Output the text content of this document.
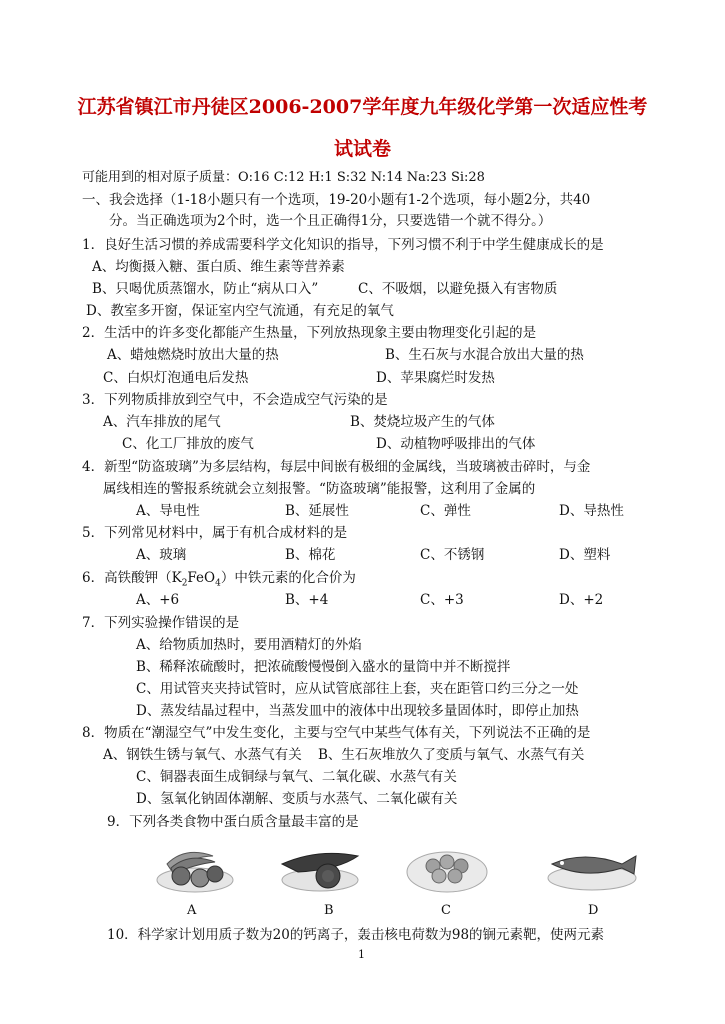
江苏省镇江市丹徒区2006-2007学年度九年级化学第一次适应性考
试试卷
可能用到的相对原子质量：O:16 C:12 H:1 S:32 N:14 Na:23 Si:28
一、我会选择（1-18小题只有一个选项，19-20小题有1-2个选项，每小题2分，共40
分。当正确选项为2个时，选一个且正确得1分，只要选错一个就不得分。）
1．良好生活习惯的养成需要科学文化知识的指导，下列习惯不利于中学生健康成长的是
A、均衡摄入糖、蛋白质、维生素等营养素
B、只喝优质蒸馏水，防止“病从口入”	C、不吸烟，以避免摄入有害物质
D、教室多开窗，保证室内空气流通，有充足的氧气
2．生活中的许多变化都能产生热量，下列放热现象主要由物理变化引起的是
A、蜡烛燃烧时放出大量的热	B、生石灰与水混合放出大量的热
C、白炽灯泡通电后发热	D、苹果腐烂时发热
3．下列物质排放到空气中，不会造成空气污染的是
A、汽车排放的尾气	B、焚烧垃圾产生的气体
C、化工厂排放的废气	D、动植物呼吸排出的气体
4．新型“防盗玻璃”为多层结构，每层中间嵌有极细的金属线，当玻璃被击碎时，与金
属线相连的警报系统就会立刻报警。“防盗玻璃”能报警，这利用了金属的
A、导电性	B、延展性	C、弹性	D、导热性
5．下列常见材料中，属于有机合成材料的是
A、玻璃	B、棉花	C、不锈钢	D、塑料
6．高铁酸钾$(K_2FeO_4)$中铁元素的化合价为
A、+6	B、+4	C、+3	D、+2
7．下列实验操作错误的是
A、给物质加热时，要用酒精灯的外焰
B、稀释浓硫酸时，把浓硫酸慢慢倒入盛水的量筒中并不断搅拌
C、用试管夹夹持试管时，应从试管底部往上套，夹在距管口约三分之一处
D、蒸发结晶过程中，当蒸发皿中的液体中出现较多量固体时，即停止加热
8．物质在“潮湿空气”中发生变化，主要与空气中某些气体有关，下列说法不正确的是
A、钢铁生锈与氧气、水蒸气有关 B、生石灰堆放久了变质与氧气、水蒸气有关
C、铜器表面生成铜绿与氧气、二氧化碳、水蒸气有关
D、氢氧化钠固体潮解、变质与水蒸气、二氧化碳有关
9．下列各类食物中蛋白质含量最丰富的是
A	B	C	D
10．科学家计划用质子数为20的钙离子，轰击核电荷数为98的锎元素靶，使两元素
1
